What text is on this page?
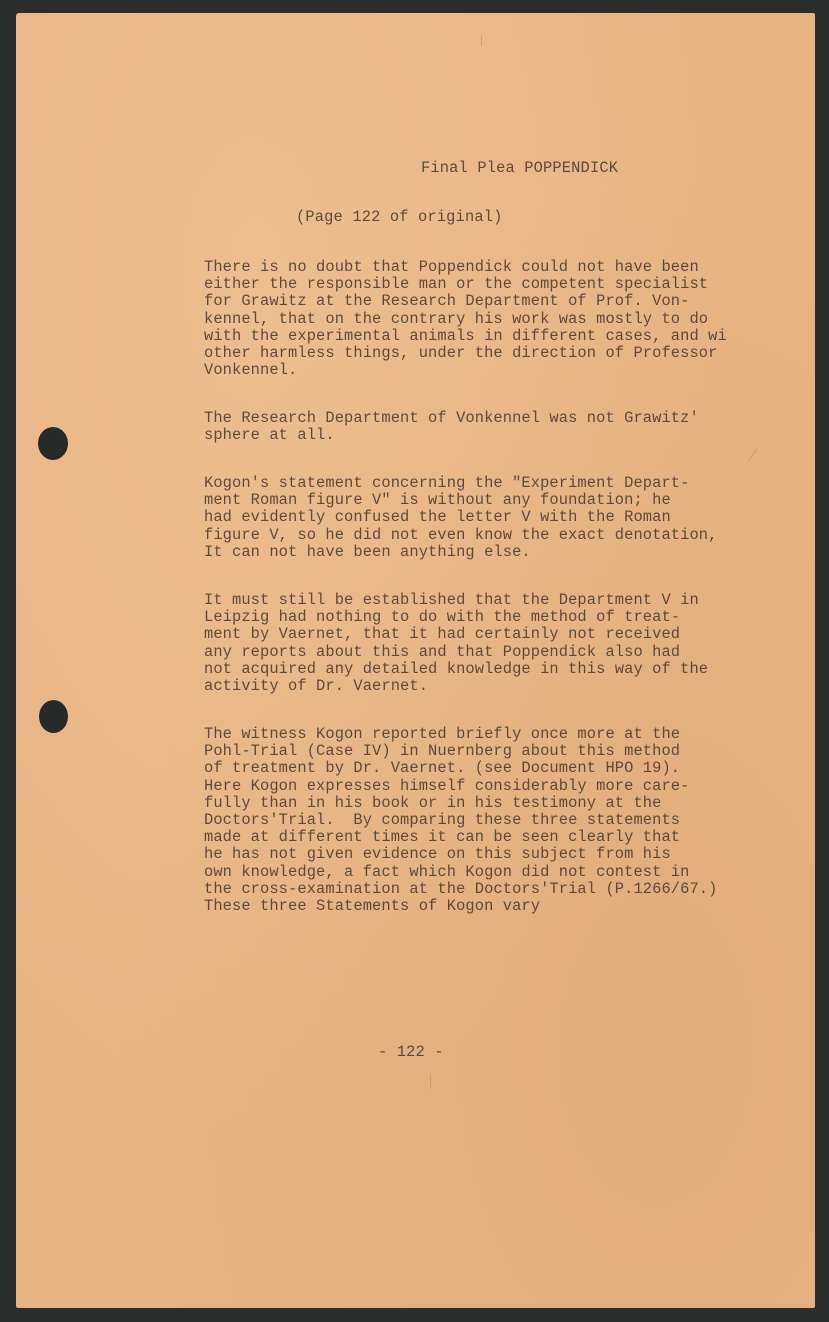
Final Plea POPPENDICK
(Page 122 of original)
There is no doubt that Poppendick could not have been
either the responsible man or the competent specialist
for Grawitz at the Research Department of Prof. Von-
kennel, that on the contrary his work was mostly to do
with the experimental animals in different cases, and wi
other harmless things, under the direction of Professor
Vonkennel.
The Research Department of Vonkennel was not Grawitz'
sphere at all.
Kogon's statement concerning the "Experiment Depart-
ment Roman figure V" is without any foundation; he
had evidently confused the letter V with the Roman
figure V, so he did not even know the exact denotation,
It can not have been anything else.
It must still be established that the Department V in
Leipzig had nothing to do with the method of treat-
ment by Vaernet, that it had certainly not received
any reports about this and that Poppendick also had
not acquired any detailed knowledge in this way of the
activity of Dr. Vaernet.
The witness Kogon reported briefly once more at the
Pohl-Trial (Case IV) in Nuernberg about this method
of treatment by Dr. Vaernet. (see Document HPO 19).
Here Kogon expresses himself considerably more care-
fully than in his book or in his testimony at the
Doctors'Trial.  By comparing these three statements
made at different times it can be seen clearly that
he has not given evidence on this subject from his
own knowledge, a fact which Kogon did not contest in
the cross-examination at the Doctors'Trial (P.1266/67.)
These three Statements of Kogon vary
- 122 -
